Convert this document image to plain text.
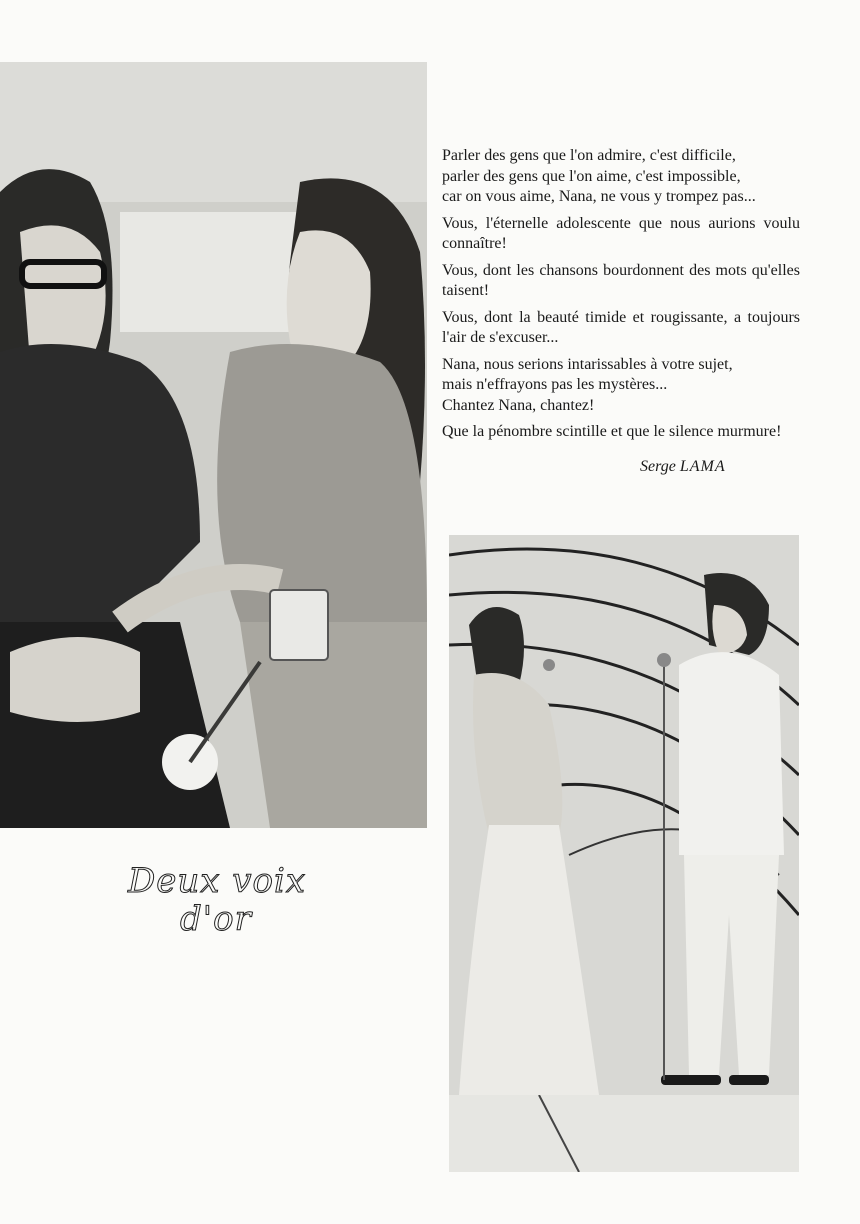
Parler des gens que l'on admire, c'est difficile,
parler des gens que l'on aime, c'est impossible,
car on vous aime, Nana, ne vous y trompez pas...

Vous, l'éternelle adolescente que nous aurions voulu connaître!

Vous, dont les chansons bourdonnent des mots qu'elles taisent!

Vous, dont la beauté timide et rougissante, a toujours l'air de s'excuser...

Nana, nous serions intarissables à votre sujet,
mais n'effrayons pas les mystères...

Chantez Nana, chantez!

Que la pénombre scintille et que le silence murmure!

Serge LAMA
Deux voix
d'or
